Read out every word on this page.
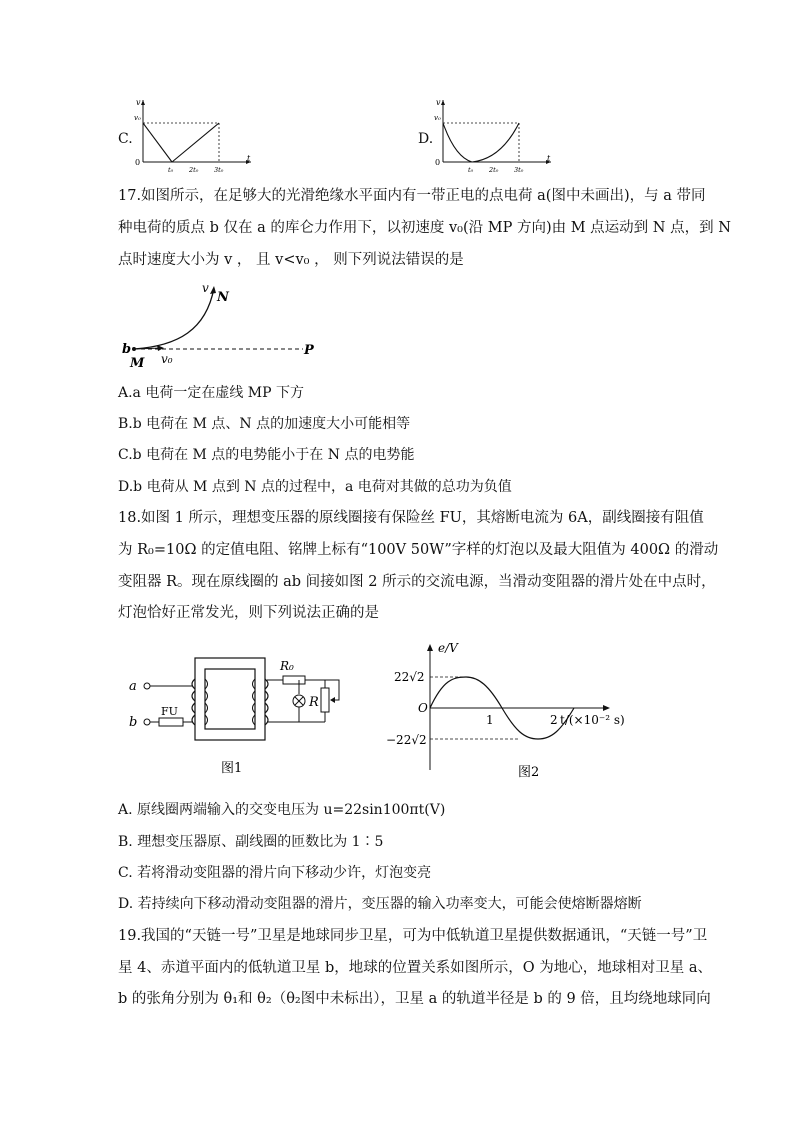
C.
v
v₀
0	t
t₀ 2t₀ 3t₀
D.
v
v₀
0	t
t₀ 2t₀ 3t₀
17.如图所示，在足够大的光滑绝缘水平面内有一带正电的点电荷 a(图中未画出)，与 a 带同
种电荷的质点 b 仅在 a 的库仑力作用下，以初速度 v₀(沿 MP 方向)由 M 点运动到 N 点，到 N
点时速度大小为 v ， 且 v<v₀ ， 则下列说法错误的是
v
N
b
M v₀
P
A.a 电荷一定在虚线 MP 下方
B.b 电荷在 M 点、N 点的加速度大小可能相等
C.b 电荷在 M 点的电势能小于在 N 点的电势能
D.b 电荷从 M 点到 N 点的过程中，a 电荷对其做的总功为负值
18.如图 1 所示，理想变压器的原线圈接有保险丝 FU，其熔断电流为 6A，副线圈接有阻值
为 R₀=10Ω 的定值电阻、铭牌上标有“100V 50W”字样的灯泡以及最大阻值为 400Ω 的滑动
变阻器 R。现在原线圈的 ab 间接如图 2 所示的交流电源，当滑动变阻器的滑片处在中点时，
灯泡恰好正常发光，则下列说法正确的是
a
b
FU
R₀
R
图1
e/V
22√2
−22√2
O
1	2 t/(×10⁻² s)
图2
A. 原线圈两端输入的交变电压为 u=22sin100πt(V)
B. 理想变压器原、副线圈的匝数比为 1∶5
C. 若将滑动变阻器的滑片向下移动少许，灯泡变亮
D. 若持续向下移动滑动变阻器的滑片，变压器的输入功率变大，可能会使熔断器熔断
19.我国的“天链一号”卫星是地球同步卫星，可为中低轨道卫星提供数据通讯，“天链一号”卫
星 4、赤道平面内的低轨道卫星 b，地球的位置关系如图所示，O 为地心，地球相对卫星 a、
b 的张角分别为 θ₁和 θ₂（θ₂图中未标出），卫星 a 的轨道半径是 b 的 9 倍，且均绕地球同向
